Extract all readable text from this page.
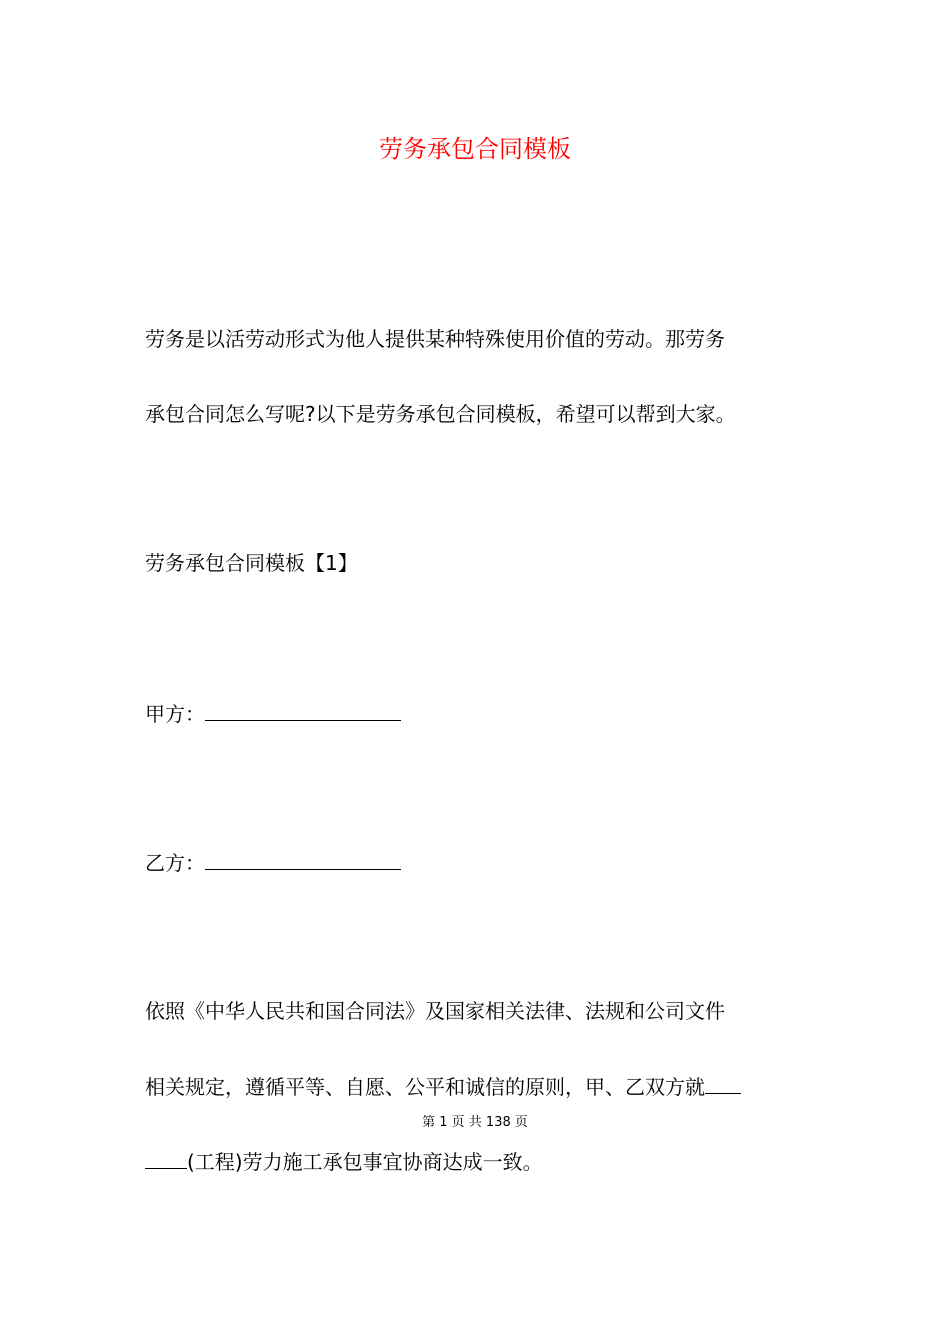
劳务承包合同模板

劳务是以活劳动形式为他人提供某种特殊使用价值的劳动。那劳务

承包合同怎么写呢?以下是劳务承包合同模板，希望可以帮到大家。

劳务承包合同模板【1】

甲方：

乙方：

依照《中华人民共和国合同法》及国家相关法律、法规和公司文件

相关规定，遵循平等、自愿、公平和诚信的原则，甲、乙双方就

第 1 页 共 138 页

(工程)劳力施工承包事宜协商达成一致。
